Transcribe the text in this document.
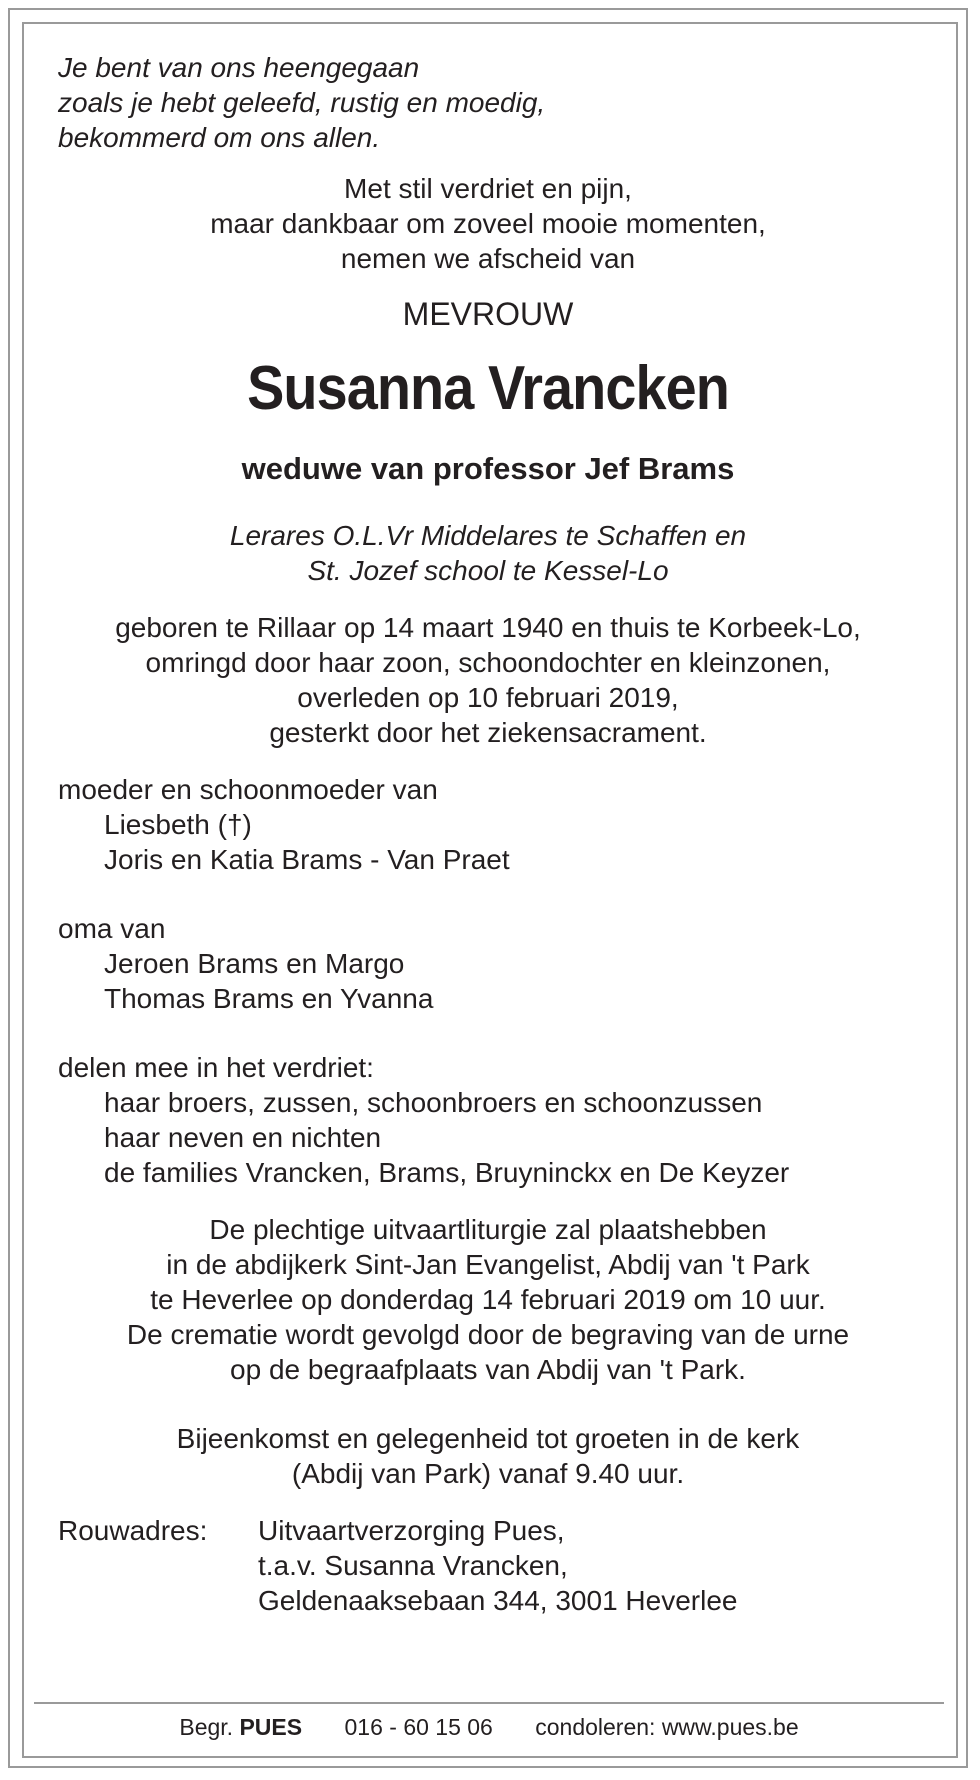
Je bent van ons heengegaan

zoals je hebt geleefd, rustig en moedig,

bekommerd om ons allen.

Met stil verdriet en pijn,

maar dankbaar om zoveel mooie momenten,

nemen we afscheid van

MEVROUW

Susanna Vrancken

weduwe van professor Jef Brams

Lerares O.L.Vr Middelares te Schaffen en

St. Jozef school te Kessel-Lo

geboren te Rillaar op 14 maart 1940 en thuis te Korbeek-Lo,

omringd door haar zoon, schoondochter en kleinzonen,

overleden op 10 februari 2019,

gesterkt door het ziekensacrament.

moeder en schoonmoeder van

Liesbeth (†)

Joris en Katia Brams - Van Praet

oma van

Jeroen Brams en Margo

Thomas Brams en Yvanna

delen mee in het verdriet:

haar broers, zussen, schoonbroers en schoonzussen

haar neven en nichten

de families Vrancken, Brams, Bruyninckx en De Keyzer

De plechtige uitvaartliturgie zal plaatshebben

in de abdijkerk Sint-Jan Evangelist, Abdij van 't Park

te Heverlee op donderdag 14 februari 2019 om 10 uur.

De crematie wordt gevolgd door de begraving van de urne

op de begraafplaats van Abdij van 't Park.

Bijeenkomst en gelegenheid tot groeten in de kerk

(Abdij van Park) vanaf 9.40 uur.

Rouwadres:	Uitvaartverzorging Pues,
t.a.v. Susanna Vrancken,
Geldenaaksebaan 344, 3001 Heverlee
Begr. PUES 016 - 60 15 06 condoleren: www.pues.be
